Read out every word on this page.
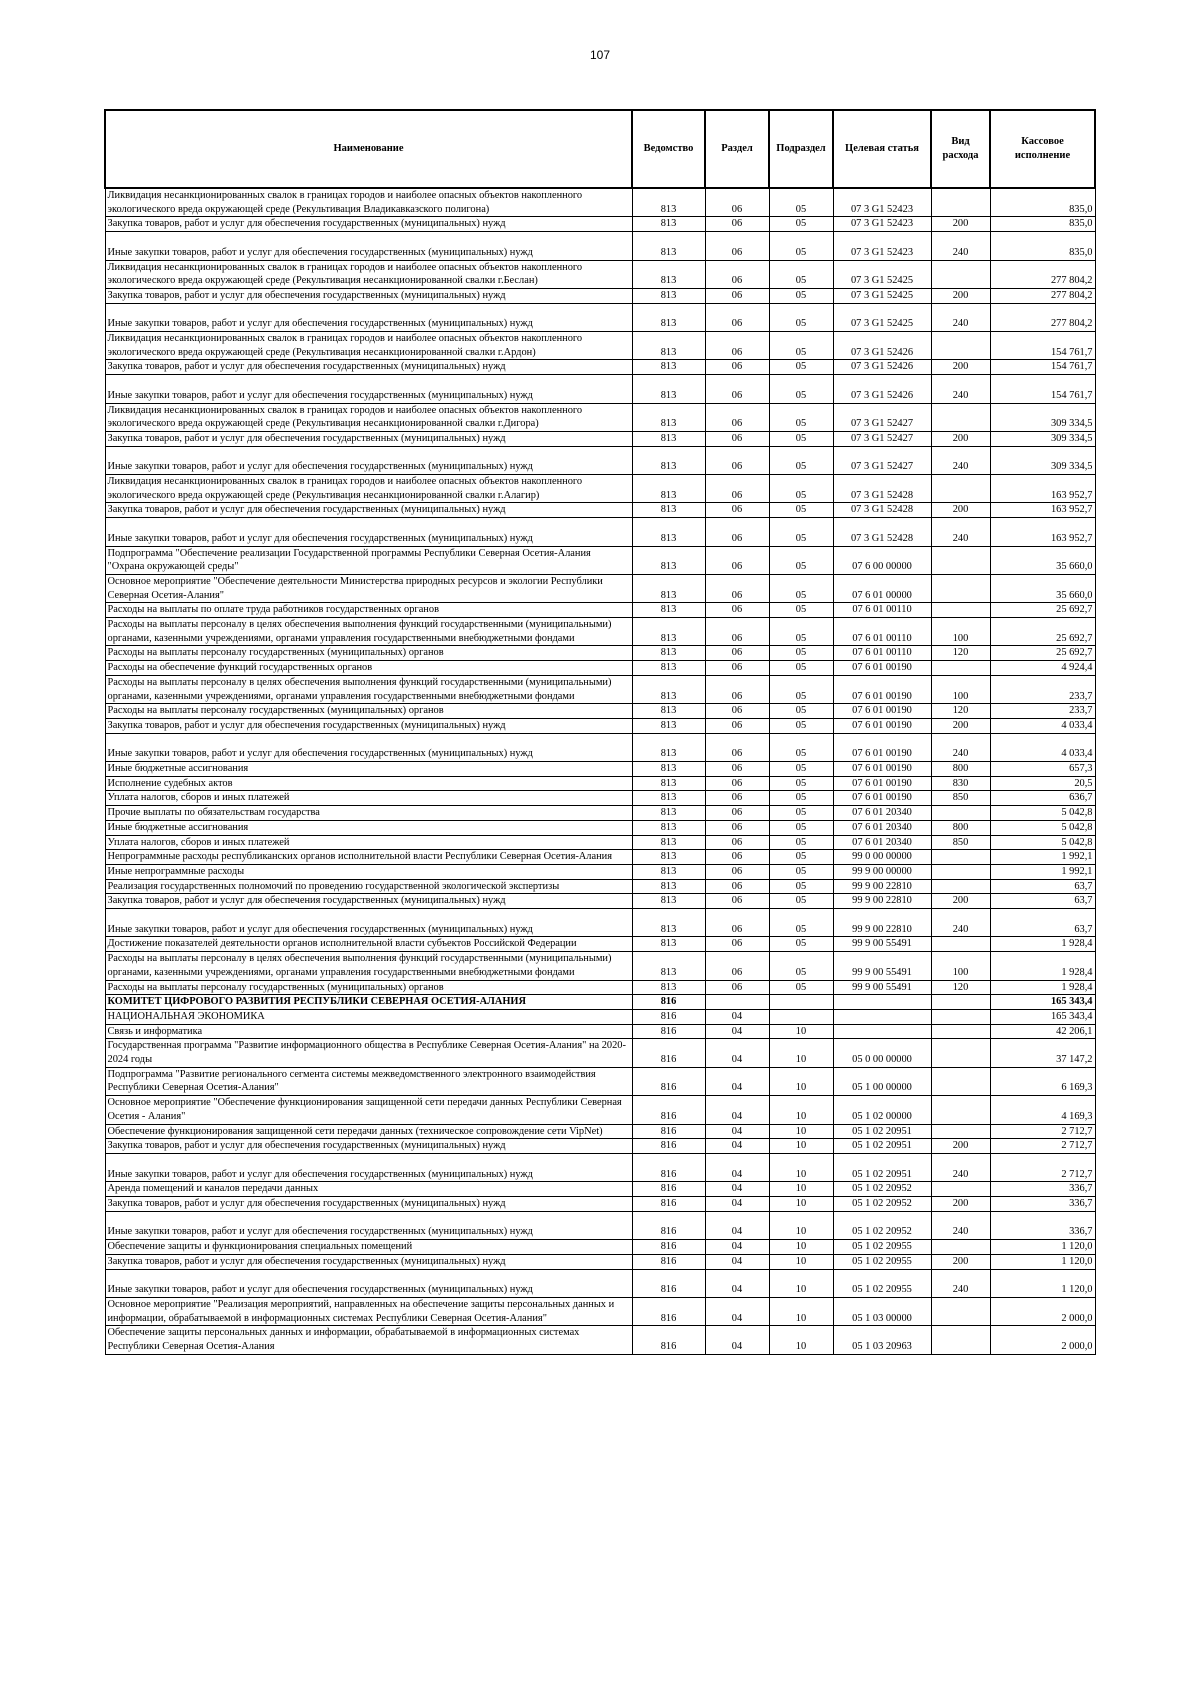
107
Наименование	Ведомство	Раздел	Подраздел	Целевая статья	Вид расхода	Кассовое исполнение
Ликвидация несанкционированных свалок в границах городов и наиболее опасных объектов накопленного экологического вреда окружающей среде (Рекультивация Владикавказского полигона)	813	06	05	07 3 G1 52423		835,0
Закупка товаров, работ и услуг для обеспечения государственных (муниципальных) нужд	813	06	05	07 3 G1 52423	200	835,0
Иные закупки товаров, работ и услуг для обеспечения государственных (муниципальных) нужд	813	06	05	07 3 G1 52423	240	835,0
Ликвидация несанкционированных свалок в границах городов и наиболее опасных объектов накопленного экологического вреда окружающей среде (Рекультивация несанкционированной свалки г.Беслан)	813	06	05	07 3 G1 52425		277 804,2
Закупка товаров, работ и услуг для обеспечения государственных (муниципальных) нужд	813	06	05	07 3 G1 52425	200	277 804,2
Иные закупки товаров, работ и услуг для обеспечения государственных (муниципальных) нужд	813	06	05	07 3 G1 52425	240	277 804,2
Ликвидация несанкционированных свалок в границах городов и наиболее опасных объектов накопленного экологического вреда окружающей среде (Рекультивация несанкционированной свалки г.Ардон)	813	06	05	07 3 G1 52426		154 761,7
Закупка товаров, работ и услуг для обеспечения государственных (муниципальных) нужд	813	06	05	07 3 G1 52426	200	154 761,7
Иные закупки товаров, работ и услуг для обеспечения государственных (муниципальных) нужд	813	06	05	07 3 G1 52426	240	154 761,7
Ликвидация несанкционированных свалок в границах городов и наиболее опасных объектов накопленного экологического вреда окружающей среде (Рекультивация несанкционированной свалки г.Дигора)	813	06	05	07 3 G1 52427		309 334,5
Закупка товаров, работ и услуг для обеспечения государственных (муниципальных) нужд	813	06	05	07 3 G1 52427	200	309 334,5
Иные закупки товаров, работ и услуг для обеспечения государственных (муниципальных) нужд	813	06	05	07 3 G1 52427	240	309 334,5
Ликвидация несанкционированных свалок в границах городов и наиболее опасных объектов накопленного экологического вреда окружающей среде (Рекультивация несанкционированной свалки г.Алагир)	813	06	05	07 3 G1 52428		163 952,7
Закупка товаров, работ и услуг для обеспечения государственных (муниципальных) нужд	813	06	05	07 3 G1 52428	200	163 952,7
Иные закупки товаров, работ и услуг для обеспечения государственных (муниципальных) нужд	813	06	05	07 3 G1 52428	240	163 952,7
Подпрограмма "Обеспечение реализации Государственной программы Республики Северная Осетия-Алания "Охрана окружающей среды"	813	06	05	07 6 00 00000		35 660,0
Основное мероприятие "Обеспечение деятельности Министерства природных ресурсов и экологии Республики Северная Осетия-Алания"	813	06	05	07 6 01 00000		35 660,0
Расходы на выплаты по оплате труда работников государственных органов	813	06	05	07 6 01 00110		25 692,7
Расходы на выплаты персоналу в целях обеспечения выполнения функций государственными (муниципальными) органами, казенными учреждениями, органами управления государственными внебюджетными фондами	813	06	05	07 6 01 00110	100	25 692,7
Расходы на выплаты персоналу государственных (муниципальных) органов	813	06	05	07 6 01 00110	120	25 692,7
Расходы на обеспечение функций государственных органов	813	06	05	07 6 01 00190		4 924,4
Расходы на выплаты персоналу в целях обеспечения выполнения функций государственными (муниципальными) органами, казенными учреждениями, органами управления государственными внебюджетными фондами	813	06	05	07 6 01 00190	100	233,7
Расходы на выплаты персоналу государственных (муниципальных) органов	813	06	05	07 6 01 00190	120	233,7
Закупка товаров, работ и услуг для обеспечения государственных (муниципальных) нужд	813	06	05	07 6 01 00190	200	4 033,4
Иные закупки товаров, работ и услуг для обеспечения государственных (муниципальных) нужд	813	06	05	07 6 01 00190	240	4 033,4
Иные бюджетные ассигнования	813	06	05	07 6 01 00190	800	657,3
Исполнение судебных актов	813	06	05	07 6 01 00190	830	20,5
Уплата налогов, сборов и иных платежей	813	06	05	07 6 01 00190	850	636,7
Прочие выплаты по обязательствам государства	813	06	05	07 6 01 20340		5 042,8
Иные бюджетные ассигнования	813	06	05	07 6 01 20340	800	5 042,8
Уплата налогов, сборов и иных платежей	813	06	05	07 6 01 20340	850	5 042,8
Непрограммные расходы республиканских органов исполнительной власти Республики Северная Осетия-Алания	813	06	05	99 0 00 00000		1 992,1
Иные непрограммные расходы	813	06	05	99 9 00 00000		1 992,1
Реализация государственных полномочий по проведению государственной экологической экспертизы	813	06	05	99 9 00 22810		63,7
Закупка товаров, работ и услуг для обеспечения государственных (муниципальных) нужд	813	06	05	99 9 00 22810	200	63,7
Иные закупки товаров, работ и услуг для обеспечения государственных (муниципальных) нужд	813	06	05	99 9 00 22810	240	63,7
Достижение показателей деятельности органов исполнительной власти субъектов Российской Федерации	813	06	05	99 9 00 55491		1 928,4
Расходы на выплаты персоналу в целях обеспечения выполнения функций государственными (муниципальными) органами, казенными учреждениями, органами управления государственными внебюджетными фондами	813	06	05	99 9 00 55491	100	1 928,4
Расходы на выплаты персоналу государственных (муниципальных) органов	813	06	05	99 9 00 55491	120	1 928,4
КОМИТЕТ ЦИФРОВОГО РАЗВИТИЯ РЕСПУБЛИКИ СЕВЕРНАЯ ОСЕТИЯ-АЛАНИЯ	816					165 343,4
НАЦИОНАЛЬНАЯ ЭКОНОМИКА	816	04				165 343,4
Связь и информатика	816	04	10			42 206,1
Государственная программа "Развитие информационного общества в Республике Северная Осетия-Алания" на 2020-2024 годы	816	04	10	05 0 00 00000		37 147,2
Подпрограмма "Развитие регионального сегмента системы межведомственного электронного взаимодействия Республики Северная Осетия-Алания"	816	04	10	05 1 00 00000		6 169,3
Основное мероприятие "Обеспечение функционирования защищенной сети передачи данных Республики Северная Осетия - Алания"	816	04	10	05 1 02 00000		4 169,3
Обеспечение функционирования защищенной сети передачи данных (техническое сопровождение сети VipNet)	816	04	10	05 1 02 20951		2 712,7
Закупка товаров, работ и услуг для обеспечения государственных (муниципальных) нужд	816	04	10	05 1 02 20951	200	2 712,7
Иные закупки товаров, работ и услуг для обеспечения государственных (муниципальных) нужд	816	04	10	05 1 02 20951	240	2 712,7
Аренда помещений и каналов передачи данных	816	04	10	05 1 02 20952		336,7
Закупка товаров, работ и услуг для обеспечения государственных (муниципальных) нужд	816	04	10	05 1 02 20952	200	336,7
Иные закупки товаров, работ и услуг для обеспечения государственных (муниципальных) нужд	816	04	10	05 1 02 20952	240	336,7
Обеспечение защиты и функционирования специальных помещений	816	04	10	05 1 02 20955		1 120,0
Закупка товаров, работ и услуг для обеспечения государственных (муниципальных) нужд	816	04	10	05 1 02 20955	200	1 120,0
Иные закупки товаров, работ и услуг для обеспечения государственных (муниципальных) нужд	816	04	10	05 1 02 20955	240	1 120,0
Основное мероприятие "Реализация мероприятий, направленных на обеспечение защиты персональных данных и информации, обрабатываемой в информационных системах Республики Северная Осетия-Алания"	816	04	10	05 1 03 00000		2 000,0
Обеспечение защиты персональных данных и информации, обрабатываемой в информационных системах Республики Северная Осетия-Алания	816	04	10	05 1 03 20963		2 000,0
